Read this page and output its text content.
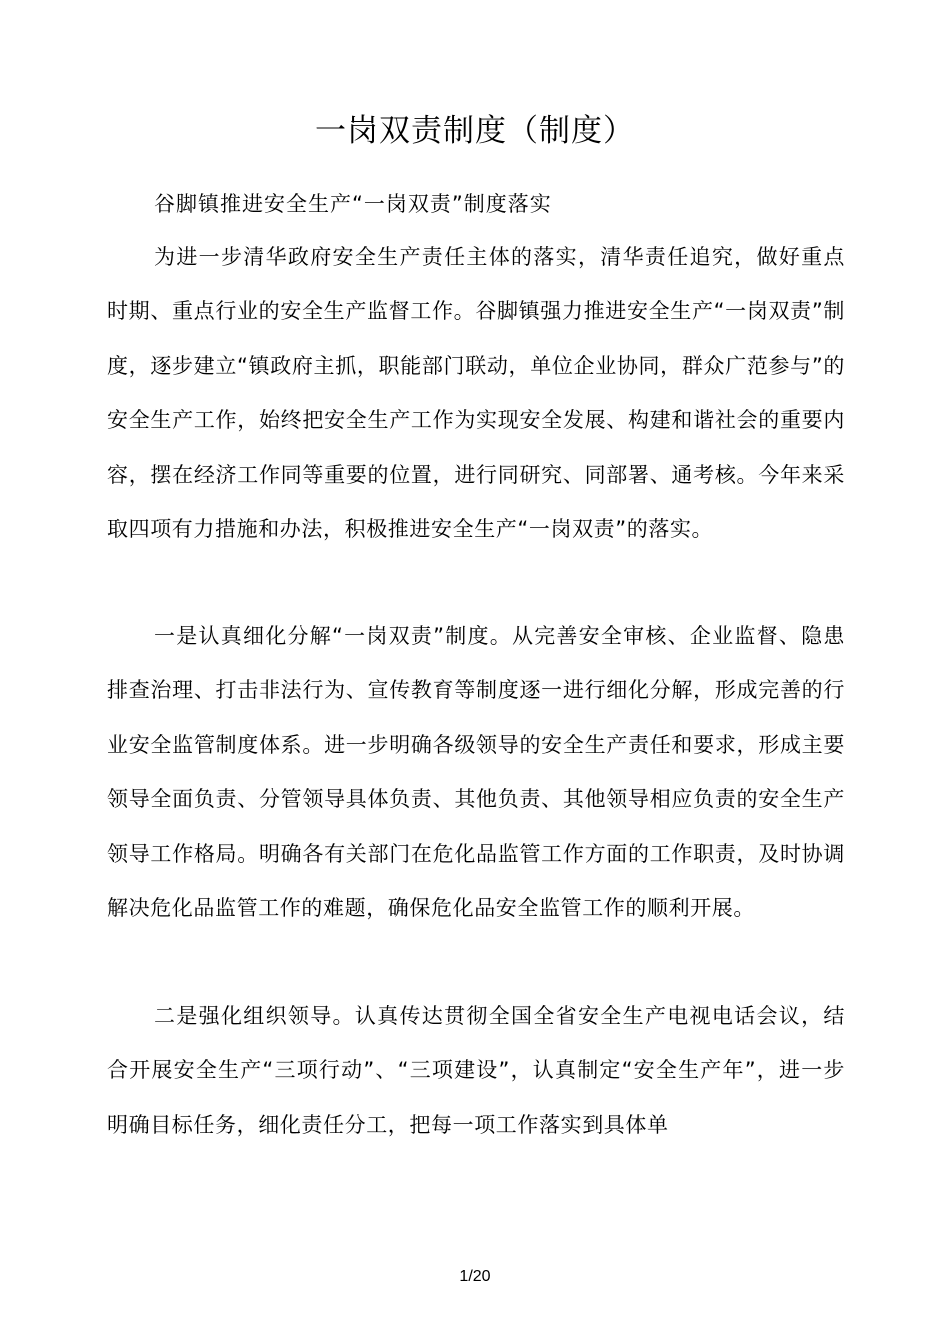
一岗双责制度（制度）

谷脚镇推进安全生产“一岗双责”制度落实

为进一步清华政府安全生产责任主体的落实，清华责任追究，做好重点时期、重点行业的安全生产监督工作。谷脚镇强力推进安全生产“一岗双责”制度，逐步建立“镇政府主抓，职能部门联动，单位企业协同，群众广范参与”的安全生产工作，始终把安全生产工作为实现安全发展、构建和谐社会的重要内容，摆在经济工作同等重要的位置，进行同研究、同部署、通考核。今年来采取四项有力措施和办法，积极推进安全生产“一岗双责”的落实。

一是认真细化分解“一岗双责”制度。从完善安全审核、企业监督、隐患排查治理、打击非法行为、宣传教育等制度逐一进行细化分解，形成完善的行业安全监管制度体系。进一步明确各级领导的安全生产责任和要求，形成主要领导全面负责、分管领导具体负责、其他负责、其他领导相应负责的安全生产领导工作格局。明确各有关部门在危化品监管工作方面的工作职责，及时协调解决危化品监管工作的难题，确保危化品安全监管工作的顺利开展。

二是强化组织领导。认真传达贯彻全国全省安全生产电视电话会议，结合开展安全生产“三项行动”、“三项建设”，认真制定“安全生产年”，进一步明确目标任务，细化责任分工，把每一项工作落实到具体单

1/20
